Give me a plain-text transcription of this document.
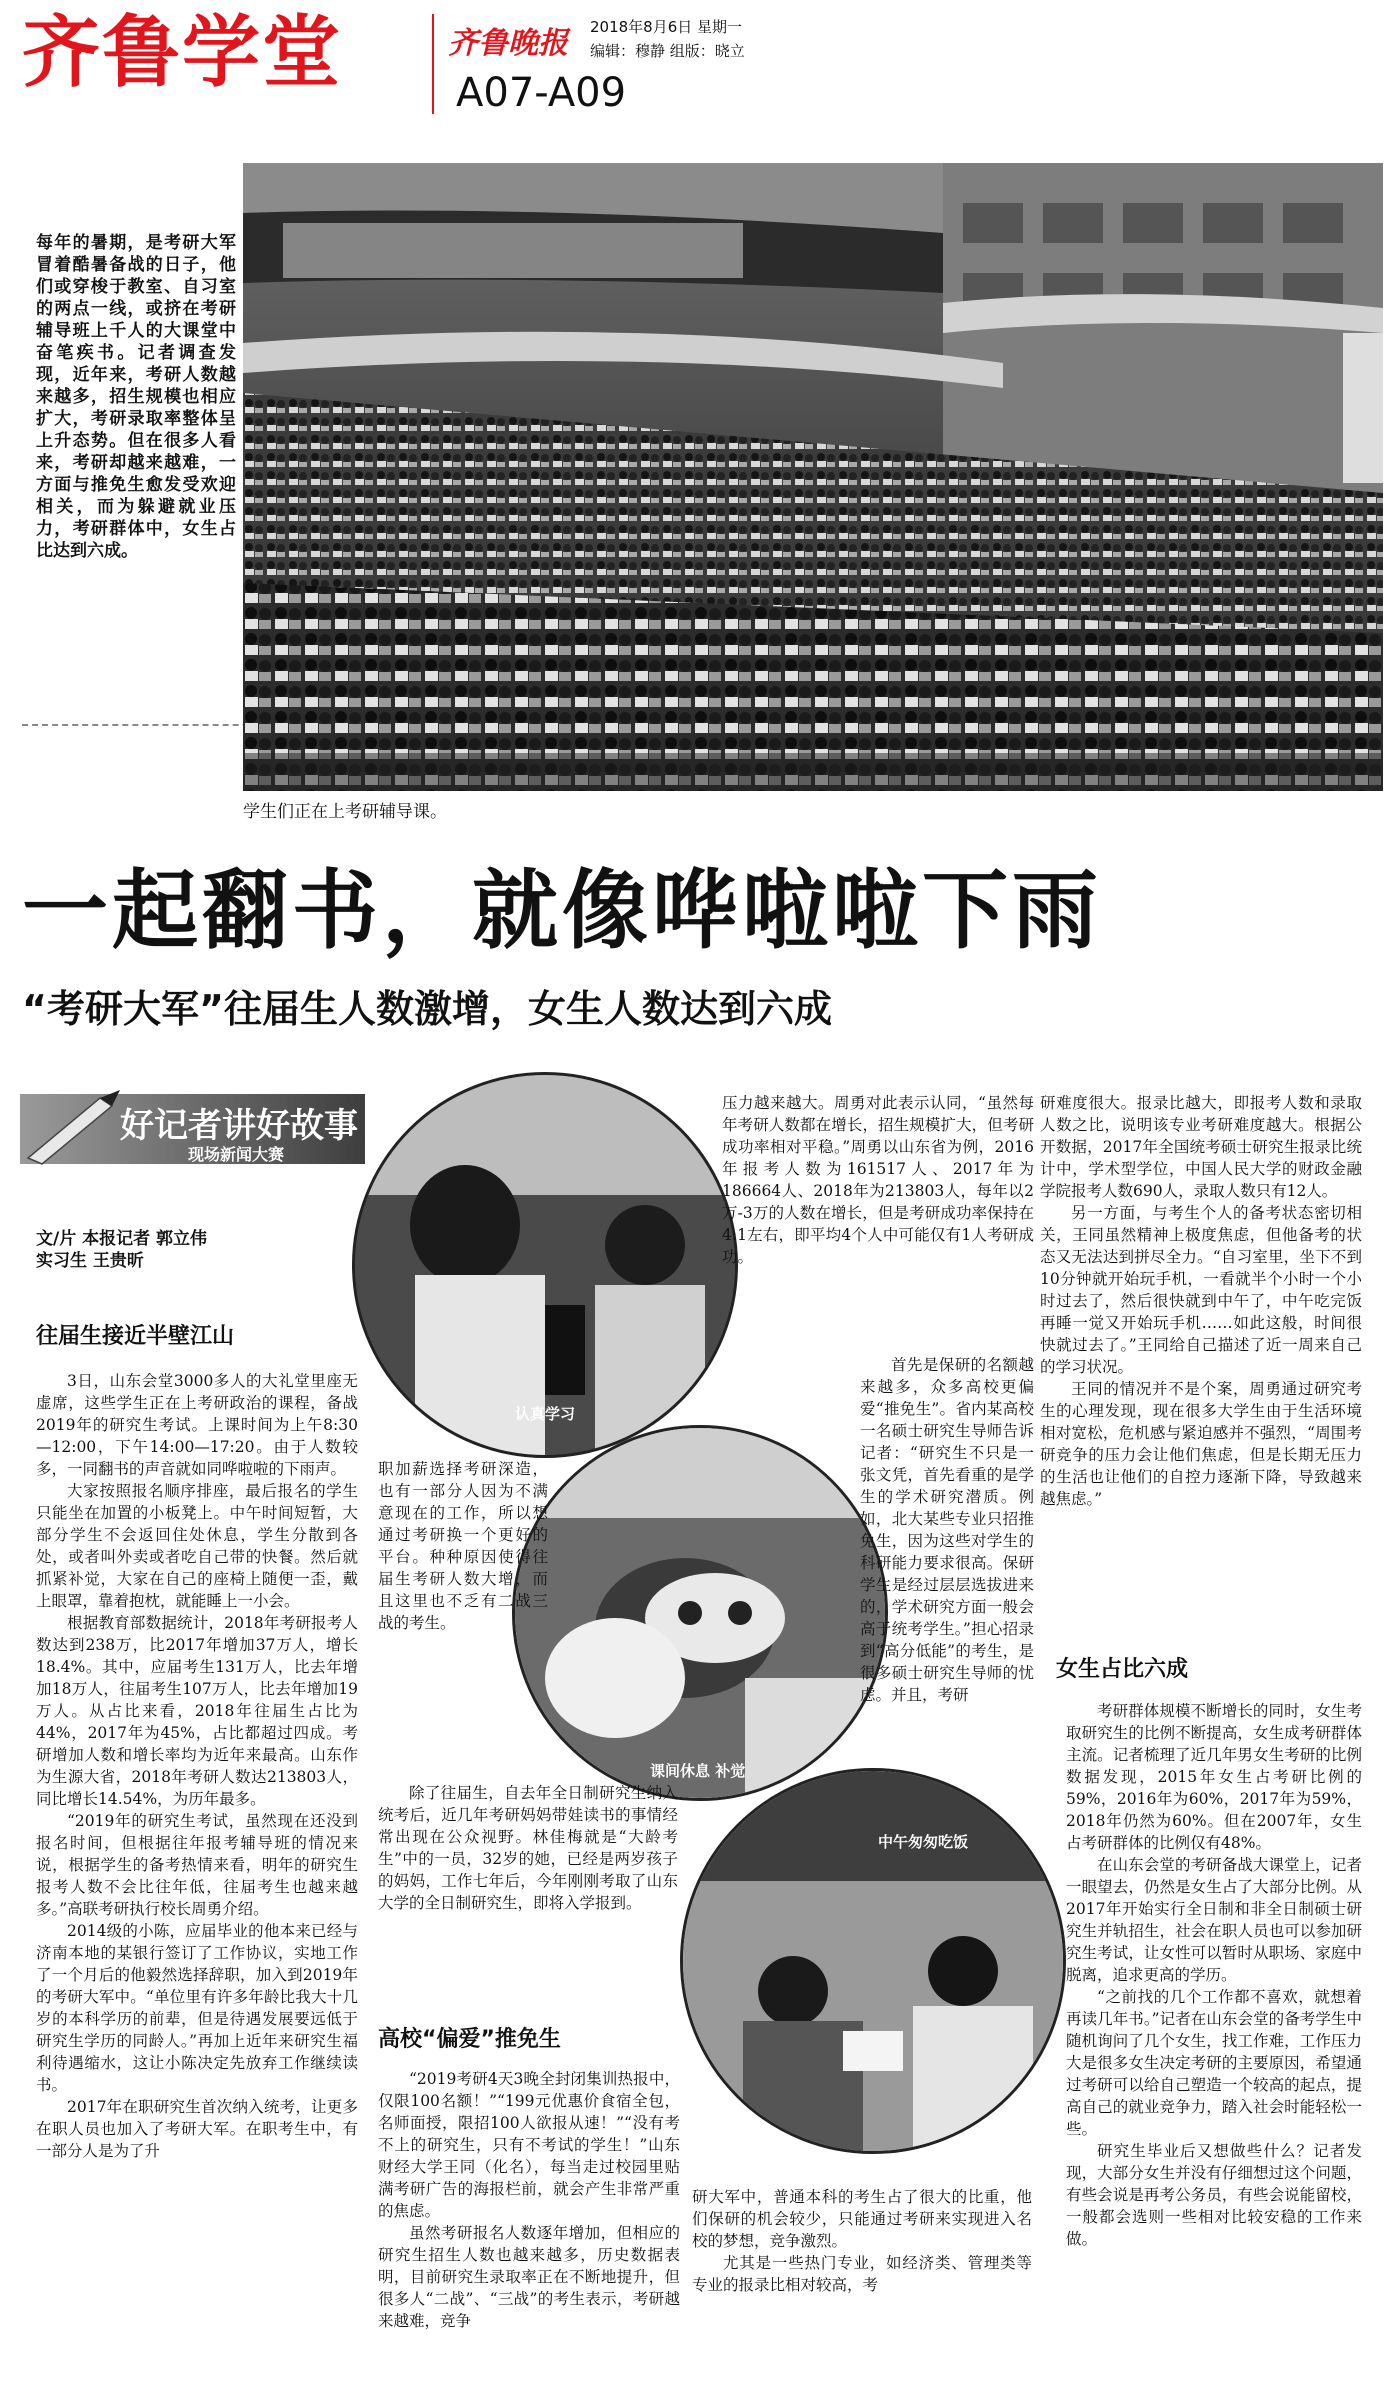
齐鲁学堂	齐鲁晚报 2018年8月6日 星期一
编辑：穆静 组版：晓立
A07-A09
每年的暑期，是考研大军冒着酷暑备战的日子，他们或穿梭于教室、自习室的两点一线，或挤在考研辅导班上千人的大课堂中奋笔疾书。记者调查发现，近年来，考研人数越来越多，招生规模也相应扩大，考研录取率整体呈上升态势。但在很多人看来，考研却越来越难，一方面与推免生愈发受欢迎相关，而为躲避就业压力，考研群体中，女生占比达到六成。
学生们正在上考研辅导课。
一起翻书，就像哗啦啦下雨
“考研大军”往届生人数激增，女生人数达到六成
好记者讲好故事
现场新闻大赛
文/片 本报记者 郭立伟
实习生 王贵昕
往届生接近半壁江山

3日，山东会堂3000多人的大礼堂里座无虚席，这些学生正在上考研政治的课程，备战2019年的研究生考试。上课时间为上午8:30—12:00，下午14:00—17:20。由于人数较多，一同翻书的声音就如同哗啦啦的下雨声。

大家按照报名顺序排座，最后报名的学生只能坐在加置的小板凳上。中午时间短暂，大部分学生不会返回住处休息，学生分散到各处，或者叫外卖或者吃自己带的快餐。然后就抓紧补觉，大家在自己的座椅上随便一歪，戴上眼罩，靠着抱枕，就能睡上一小会。

根据教育部数据统计，2018年考研报考人数达到238万，比2017年增加37万人，增长18.4%。其中，应届考生131万人，比去年增加18万人，往届考生107万人，比去年增加19万人。从占比来看，2018年往届生占比为44%，2017年为45%，占比都超过四成。考研增加人数和增长率均为近年来最高。山东作为生源大省，2018年考研人数达213803人，同比增长14.54%，为历年最多。

“2019年的研究生考试，虽然现在还没到报名时间，但根据往年报考辅导班的情况来说，根据学生的备考热情来看，明年的研究生报考人数不会比往年低，往届考生也越来越多。”高联考研执行校长周勇介绍。

2014级的小陈，应届毕业的他本来已经与济南本地的某银行签订了工作协议，实地工作了一个月后的他毅然选择辞职，加入到2019年的考研大军中。“单位里有许多年龄比我大十几岁的本科学历的前辈，但是待遇发展要远低于研究生学历的同龄人。”再加上近年来研究生福利待遇缩水，这让小陈决定先放弃工作继续读书。

2017年在职研究生首次纳入统考，让更多在职人员也加入了考研大军。在职考生中，有一部分人是为了升

认真学习
课间休息 补觉
中午匆匆吃饭

职加薪选择考研深造，也有一部分人因为不满意现在的工作，所以想通过考研换一个更好的平台。种种原因使得往届生考研人数大增，而且这里也不乏有二战三战的考生。

除了往届生，自去年全日制研究生纳入统考后，近几年考研妈妈带娃读书的事情经常出现在公众视野。林佳梅就是“大龄考生”中的一员，32岁的她，已经是两岁孩子的妈妈，工作七年后，今年刚刚考取了山东大学的全日制研究生，即将入学报到。

高校“偏爱”推免生

“2019考研4天3晚全封闭集训热报中，仅限100名额！”“199元优惠价食宿全包，名师面授，限招100人欲报从速！”“没有考不上的研究生，只有不考试的学生！”山东财经大学王同（化名），每当走过校园里贴满考研广告的海报栏前，就会产生非常严重的焦虑。

虽然考研报名人数逐年增加，但相应的研究生招生人数也越来越多，历史数据表明，目前研究生录取率正在不断地提升，但很多人“二战”、“三战”的考生表示，考研越来越难，竞争

压力越来越大。周勇对此表示认同，“虽然每年考研人数都在增长，招生规模扩大，但考研成功率相对平稳。”周勇以山东省为例，2016年报考人数为161517人、2017年为186664人、2018年为213803人，每年以2万-3万的人数在增长，但是考研成功率保持在4:1左右，即平均4个人中可能仅有1人考研成功。

首先是保研的名额越来越多，众多高校更偏爱“推免生”。省内某高校一名硕士研究生导师告诉记者：“研究生不只是一张文凭，首先看重的是学生的学术研究潜质。例如，北大某些专业只招推免生，因为这些对学生的科研能力要求很高。保研学生是经过层层选拔进来的，学术研究方面一般会高于统考学生。”担心招录到“高分低能”的考生，是很多硕士研究生导师的忧虑。并且，考研

研大军中，普通本科的考生占了很大的比重，他们保研的机会较少，只能通过考研来实现进入名校的梦想，竞争激烈。

尤其是一些热门专业，如经济类、管理类等专业的报录比相对较高，考

研难度很大。报录比越大，即报考人数和录取人数之比，说明该专业考研难度越大。根据公开数据，2017年全国统考硕士研究生报录比统计中，学术型学位，中国人民大学的财政金融学院报考人数690人，录取人数只有12人。

另一方面，与考生个人的备考状态密切相关，王同虽然精神上极度焦虑，但他备考的状态又无法达到拼尽全力。“自习室里，坐下不到10分钟就开始玩手机，一看就半个小时一个小时过去了，然后很快就到中午了，中午吃完饭再睡一觉又开始玩手机……如此这般，时间很快就过去了。”王同给自己描述了近一周来自己的学习状况。

王同的情况并不是个案，周勇通过研究考生的心理发现，现在很多大学生由于生活环境相对宽松，危机感与紧迫感并不强烈，“周围考研竞争的压力会让他们焦虑，但是长期无压力的生活也让他们的自控力逐渐下降，导致越来越焦虑。”

女生占比六成

考研群体规模不断增长的同时，女生考取研究生的比例不断提高，女生成考研群体主流。记者梳理了近几年男女生考研的比例数据发现，2015年女生占考研比例的59%，2016年为60%，2017年为59%，2018年仍然为60%。但在2007年，女生占考研群体的比例仅有48%。

在山东会堂的考研备战大课堂上，记者一眼望去，仍然是女生占了大部分比例。从2017年开始实行全日制和非全日制硕士研究生并轨招生，社会在职人员也可以参加研究生考试，让女性可以暂时从职场、家庭中脱离，追求更高的学历。

“之前找的几个工作都不喜欢，就想着再读几年书。”记者在山东会堂的备考学生中随机询问了几个女生，找工作难，工作压力大是很多女生决定考研的主要原因，希望通过考研可以给自己塑造一个较高的起点，提高自己的就业竞争力，踏入社会时能轻松一些。

研究生毕业后又想做些什么？记者发现，大部分女生并没有仔细想过这个问题，有些会说是再考公务员，有些会说能留校，一般都会选则一些相对比较安稳的工作来做。
